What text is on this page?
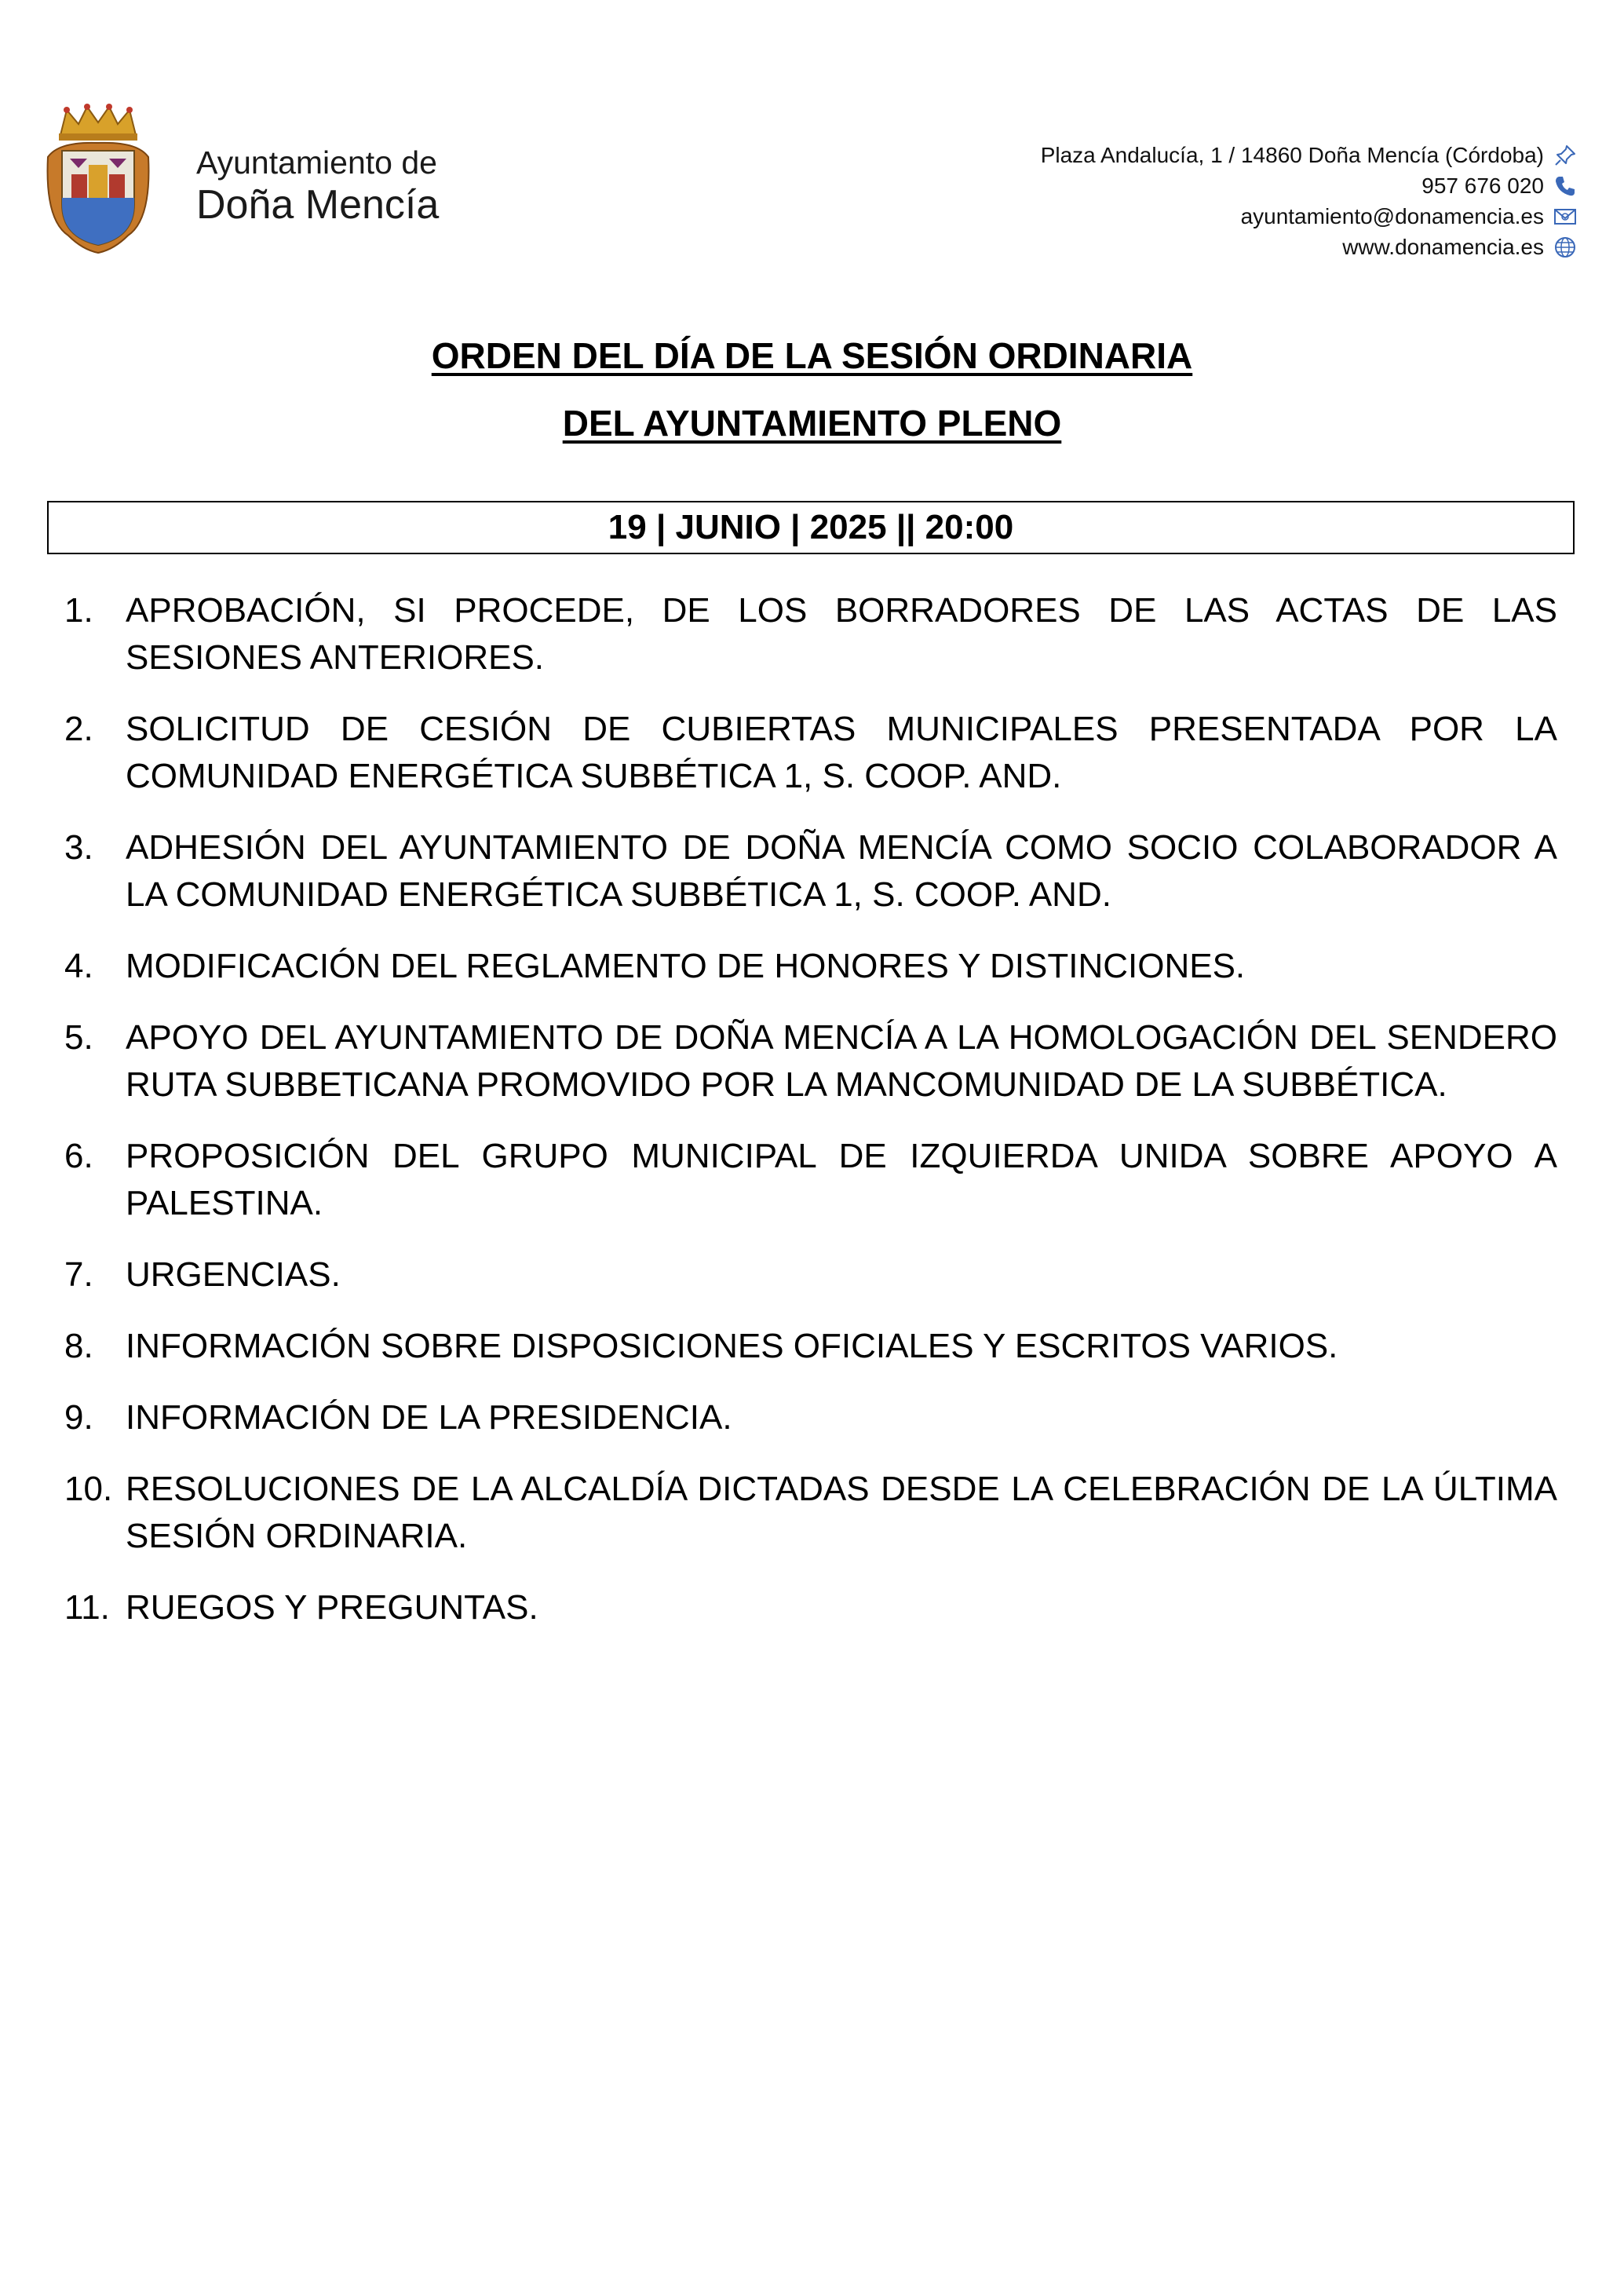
Ayuntamiento de
Doña Mencía
Plaza Andalucía, 1 / 14860 Doña Mencía (Córdoba)
957 676 020
ayuntamiento@donamencia.es
www.donamencia.es
ORDEN DEL DÍA DE LA SESIÓN ORDINARIA
DEL AYUNTAMIENTO PLENO
19 | JUNIO | 2025 || 20:00
1. APROBACIÓN, SI PROCEDE, DE LOS BORRADORES DE LAS ACTAS DE LAS SESIONES ANTERIORES.
2. SOLICITUD DE CESIÓN DE CUBIERTAS MUNICIPALES PRESENTADA POR LA COMUNIDAD ENERGÉTICA SUBBÉTICA 1, S. COOP. AND.
3. ADHESIÓN DEL AYUNTAMIENTO DE DOÑA MENCÍA COMO SOCIO COLABORADOR A LA COMUNIDAD ENERGÉTICA SUBBÉTICA 1, S. COOP. AND.
4. MODIFICACIÓN DEL REGLAMENTO DE HONORES Y DISTINCIONES.
5. APOYO DEL AYUNTAMIENTO DE DOÑA MENCÍA A LA HOMOLOGACIÓN DEL SENDERO RUTA SUBBETICANA PROMOVIDO POR LA MANCOMUNIDAD DE LA SUBBÉTICA.
6. PROPOSICIÓN DEL GRUPO MUNICIPAL DE IZQUIERDA UNIDA SOBRE APOYO A PALESTINA.
7. URGENCIAS.
8. INFORMACIÓN SOBRE DISPOSICIONES OFICIALES Y ESCRITOS VARIOS.
9. INFORMACIÓN DE LA PRESIDENCIA.
10. RESOLUCIONES DE LA ALCALDÍA DICTADAS DESDE LA CELEBRACIÓN DE LA ÚLTIMA SESIÓN ORDINARIA.
11. RUEGOS Y PREGUNTAS.
